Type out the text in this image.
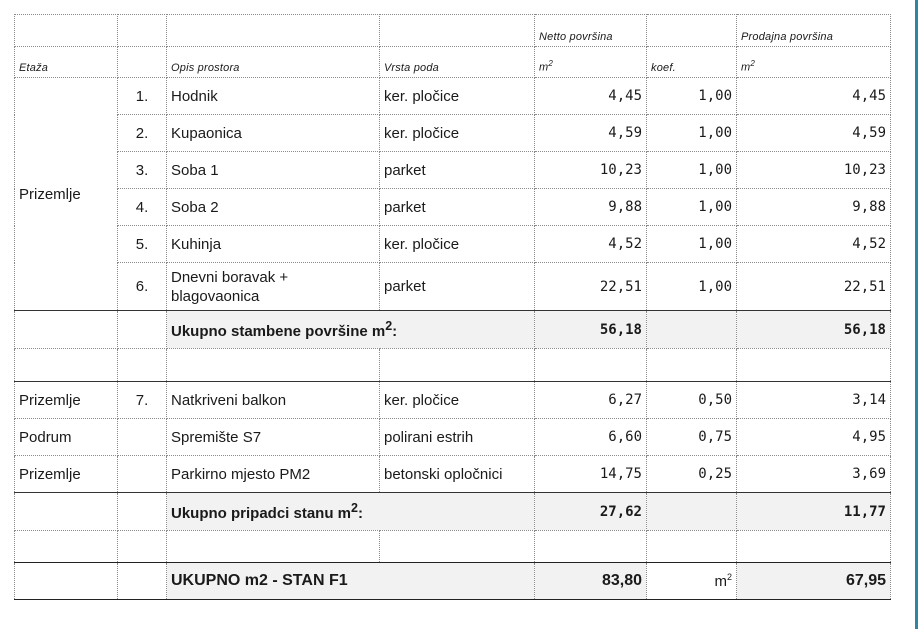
				Netto površina		Prodajna površina
Etaža		Opis prostora	Vrsta poda	$m^2$	koef.	$m^2$
Prizemlje	1.	Hodnik	ker. pločice	4,45	1,00	4,45
	2.	Kupaonica	ker. pločice	4,59	1,00	4,59
	3.	Soba 1	parket	10,23	1,00	10,23
	4.	Soba 2	parket	9,88	1,00	9,88
	5.	Kuhinja	ker. pločice	4,52	1,00	4,52
	6.	Dnevni boravak + blagovaonica	parket	22,51	1,00	22,51
		Ukupno stambene površine $m^2$:		56,18		56,18

Prizemlje	7.	Natkriveni balkon	ker. pločice	6,27	0,50	3,14
Podrum		Spremište S7	polirani estrih	6,60	0,75	4,95
Prizemlje		Parkirno mjesto PM2	betonski opločnici	14,75	0,25	3,69
		Ukupno pripadci stanu $m^2$:		27,62		11,77

		UKUPNO m2 - STAN F1		83,80	$m^2$	67,95
